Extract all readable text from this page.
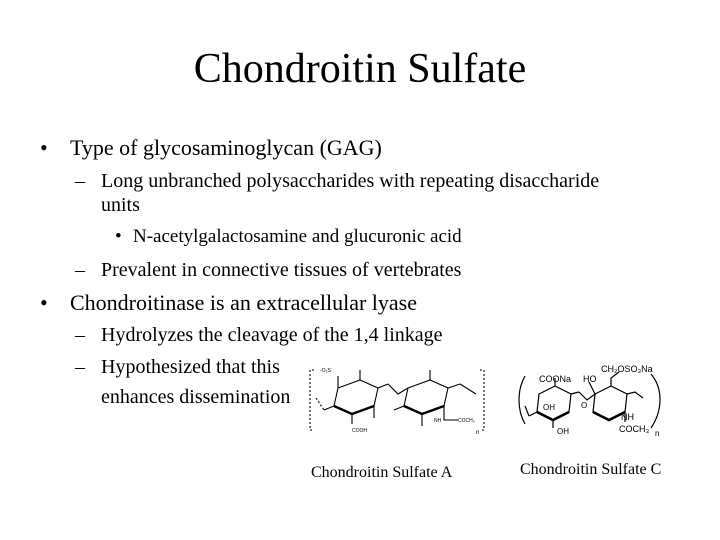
Chondroitin Sulfate
• Type of glycosaminoglycan (GAG)
– Long unbranched polysaccharides with repeating disaccharide
units
• N-acetylgalactosamine and glucuronic acid
– Prevalent in connective tissues of vertebrates
• Chondroitinase is an extracellular lyase
– Hydrolyzes the cleavage of the 1,4 linkage
– Hypothesized that this
enhances dissemination
-O₃S
NH
COOH
COCH₃
n
COONa HO
CH₂OSO₃Na
OH
OH
NH
COCH₃
O
n
Chondroitin Sulfate A	Chondroitin Sulfate C
